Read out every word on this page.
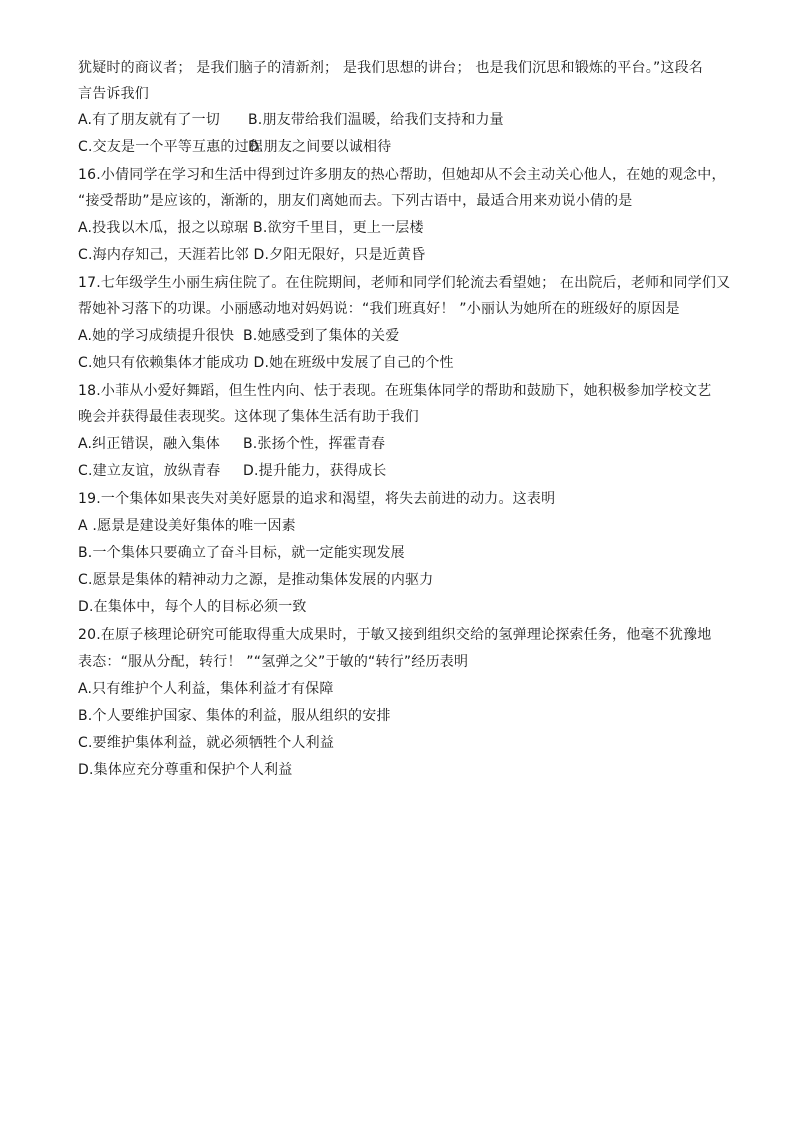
犹疑时的商议者； 是我们脑子的清新剂； 是我们思想的讲台； 也是我们沉思和锻炼的平台。”这段名
言告诉我们
A.有了朋友就有了一切 B.朋友带给我们温暖，给我们支持和力量
C.交友是一个平等互惠的过程D.朋友之间要以诚相待
16.小倩同学在学习和生活中得到过许多朋友的热心帮助，但她却从不会主动关心他人，在她的观念中，
“接受帮助”是应该的，渐渐的，朋友们离她而去。下列古语中，最适合用来劝说小倩的是
A.投我以木瓜，报之以琼琚 B.欲穷千里目，更上一层楼
C.海内存知己，天涯若比邻 D.夕阳无限好，只是近黄昏
17.七年级学生小丽生病住院了。在住院期间，老师和同学们轮流去看望她； 在出院后，老师和同学们又
帮她补习落下的功课。小丽感动地对妈妈说：“我们班真好！ ”小丽认为她所在的班级好的原因是
A.她的学习成绩提升很快 B.她感受到了集体的关爱
C.她只有依赖集体才能成功 D.她在班级中发展了自己的个性
18.小菲从小爱好舞蹈，但生性内向、怯于表现。在班集体同学的帮助和鼓励下，她积极参加学校文艺
晚会并获得最佳表现奖。这体现了集体生活有助于我们
A.纠正错误，融入集体 B.张扬个性，挥霍青春
C.建立友谊，放纵青春 D.提升能力，获得成长
19.一个集体如果丧失对美好愿景的追求和渴望，将失去前进的动力。这表明
A .愿景是建设美好集体的唯一因素
B.一个集体只要确立了奋斗目标，就一定能实现发展
C.愿景是集体的精神动力之源，是推动集体发展的内驱力
D.在集体中，每个人的目标必须一致
20.在原子核理论研究可能取得重大成果时，于敏又接到组织交给的氢弹理论探索任务，他毫不犹豫地
表态：“服从分配，转行！ ”“氢弹之父”于敏的“转行”经历表明
A.只有维护个人利益，集体利益才有保障
B.个人要维护国家、集体的利益，服从组织的安排
C.要维护集体利益，就必须牺牲个人利益
D.集体应充分尊重和保护个人利益
